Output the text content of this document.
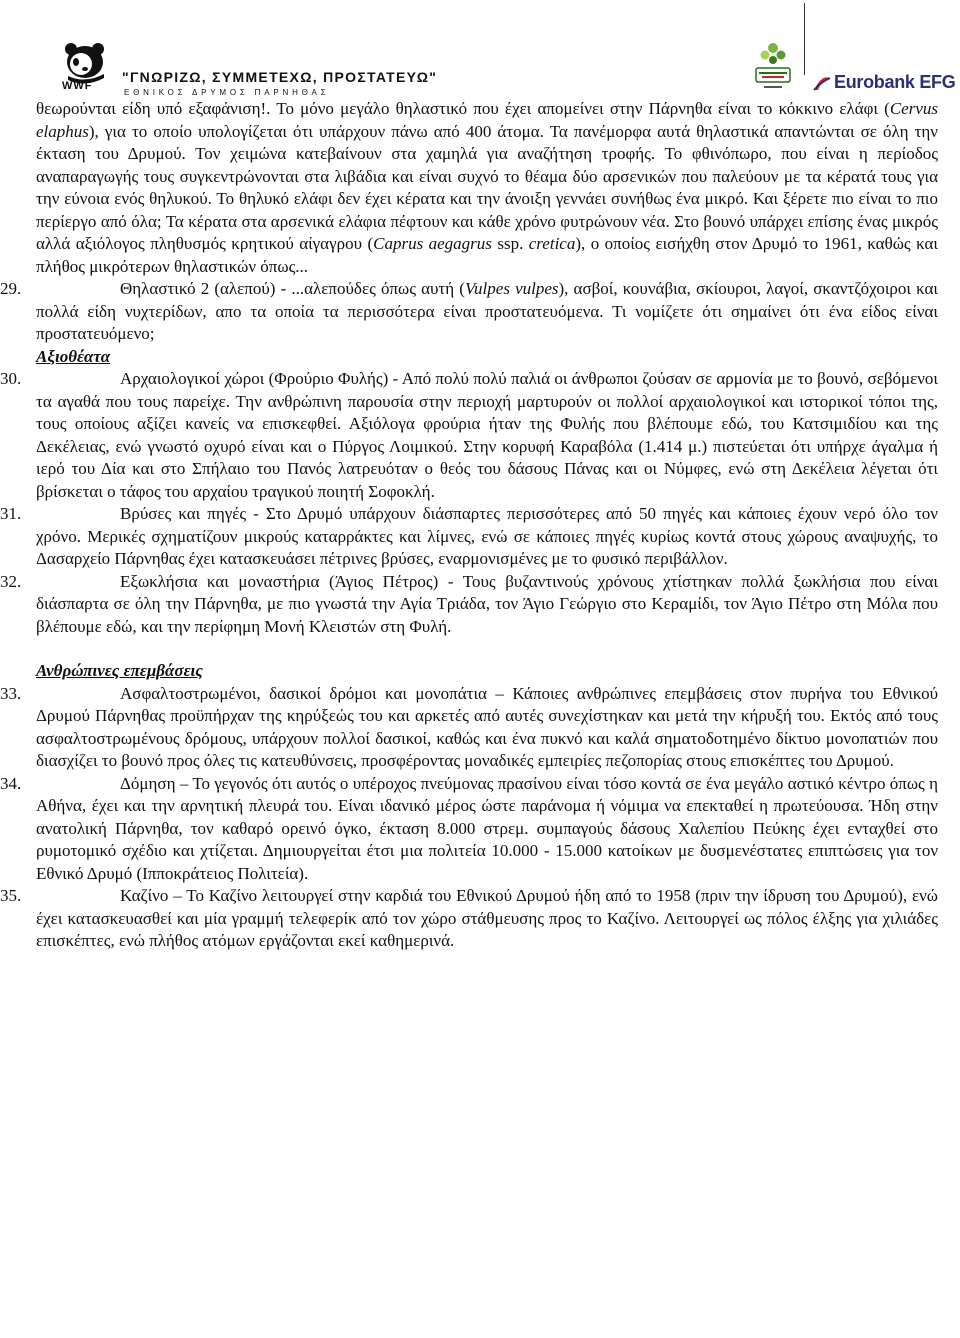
WWF
"ΓΝΩΡΙΖΩ, ΣΥΜΜΕΤΕΧΩ, ΠΡΟΣΤΑΤΕΥΩ"
ΕΘΝΙΚΟΣ ΔΡΥΜΟΣ ΠΑΡΝΗΘΑΣ
Eurobank EFG

θεωρούνται είδη υπό εξαφάνιση!. Το μόνο μεγάλο θηλαστικό που έχει απομείνει στην Πάρνηθα είναι το κόκκινο ελάφι (Cervus elaphus), για το οποίο υπολογίζεται ότι υπάρχουν πάνω από 400 άτομα. Τα πανέμορφα αυτά θηλαστικά απαντώνται σε όλη την έκταση του Δρυμού. Τον χειμώνα κατεβαίνουν στα χαμηλά για αναζήτηση τροφής. Το φθινόπωρο, που είναι η περίοδος αναπαραγωγής τους συγκεντρώνονται στα λιβάδια και είναι συχνό το θέαμα δύο αρσενικών που παλεύουν με τα κέρατά τους για την εύνοια ενός θηλυκού. Το θηλυκό ελάφι δεν έχει κέρατα και την άνοιξη γεννάει συνήθως ένα μικρό. Και ξέρετε πιο είναι το πιο περίεργο από όλα; Τα κέρατα στα αρσενικά ελάφια πέφτουν και κάθε χρόνο φυτρώνουν νέα. Στο βουνό υπάρχει επίσης ένας μικρός αλλά αξιόλογος πληθυσμός κρητικού αίγαγρου (Caprus aegagrus ssp. cretica), ο οποίος εισήχθη στον Δρυμό το 1961, καθώς και πλήθος μικρότερων θηλαστικών όπως...

29.	Θηλαστικό 2 (αλεπού) - ...αλεπούδες όπως αυτή (Vulpes vulpes), ασβοί, κουνάβια, σκίουροι, λαγοί, σκαντζόχοιροι και πολλά είδη νυχτερίδων, απο τα οποία τα περισσότερα είναι προστατευόμενα. Τι νομίζετε ότι σημαίνει ότι ένα είδος είναι προστατευόμενο;

Αξιοθέατα

30.	Αρχαιολογικοί χώροι (Φρούριο Φυλής) - Από πολύ πολύ παλιά οι άνθρωποι ζούσαν σε αρμονία με το βουνό, σεβόμενοι τα αγαθά που τους παρείχε. Την ανθρώπινη παρουσία στην περιοχή μαρτυρούν οι πολλοί αρχαιολογικοί και ιστορικοί τόποι της, τους οποίους αξίζει κανείς να επισκεφθεί. Αξιόλογα φρούρια ήταν της Φυλής που βλέπουμε εδώ, του Κατσιμιδίου και της Δεκέλειας, ενώ γνωστό οχυρό είναι και ο Πύργος Λοιμικού. Στην κορυφή Καραβόλα (1.414 μ.) πιστεύεται ότι υπήρχε άγαλμα ή ιερό του Δία και στο Σπήλαιο του Πανός λατρευόταν ο θεός του δάσους Πάνας και οι Νύμφες, ενώ στη Δεκέλεια λέγεται ότι βρίσκεται ο τάφος του αρχαίου τραγικού ποιητή Σοφοκλή.

31.	Βρύσες και πηγές - Στο Δρυμό υπάρχουν διάσπαρτες περισσότερες από 50 πηγές και κάποιες έχουν νερό όλο τον χρόνο. Μερικές σχηματίζουν μικρούς καταρράκτες και λίμνες, ενώ σε κάποιες πηγές κυρίως κοντά στους χώρους αναψυχής, το Δασαρχείο Πάρνηθας έχει κατασκευάσει πέτρινες βρύσες, εναρμονισμένες με το φυσικό περιβάλλον.

32.	Εξωκλήσια και μοναστήρια (Άγιος Πέτρος) - Τους βυζαντινούς χρόνους χτίστηκαν πολλά ξωκλήσια που είναι διάσπαρτα σε όλη την Πάρνηθα, με πιο γνωστά την Αγία Τριάδα, τον Άγιο Γεώργιο στο Κεραμίδι, τον Άγιο Πέτρο στη Μόλα που βλέπουμε εδώ, και την περίφημη Μονή Κλειστών στη Φυλή.

Ανθρώπινες επεμβάσεις

33.	Ασφαλτοστρωμένοι, δασικοί δρόμοι και μονοπάτια – Κάποιες ανθρώπινες επεμβάσεις στον πυρήνα του Εθνικού Δρυμού Πάρνηθας προϋπήρχαν της κηρύξεώς του και αρκετές από αυτές συνεχίστηκαν και μετά την κήρυξή του. Εκτός από τους ασφαλτοστρωμένους δρόμους, υπάρχουν πολλοί δασικοί, καθώς και ένα πυκνό και καλά σηματοδοτημένο δίκτυο μονοπατιών που διασχίζει το βουνό προς όλες τις κατευθύνσεις, προσφέροντας μοναδικές εμπειρίες πεζοπορίας στους επισκέπτες του Δρυμού.

34.	Δόμηση – Το γεγονός ότι αυτός ο υπέροχος πνεύμονας πρασίνου είναι τόσο κοντά σε ένα μεγάλο αστικό κέντρο όπως η Αθήνα, έχει και την αρνητική πλευρά του. Είναι ιδανικό μέρος ώστε παράνομα ή νόμιμα να επεκταθεί η πρωτεύουσα. Ήδη στην ανατολική Πάρνηθα, τον καθαρό ορεινό όγκο, έκταση 8.000 στρεμ. συμπαγούς δάσους Χαλεπίου Πεύκης έχει ενταχθεί στο ρυμοτομικό σχέδιο και χτίζεται. Δημιουργείται έτσι μια πολιτεία 10.000 - 15.000 κατοίκων με δυσμενέστατες επιπτώσεις για τον Εθνικό Δρυμό (Ιπποκράτειος Πολιτεία).

35.	Καζίνο – Το Καζίνο λειτουργεί στην καρδιά του Εθνικού Δρυμού ήδη από το 1958 (πριν την ίδρυση του Δρυμού), ενώ έχει κατασκευασθεί και μία γραμμή τελεφερίκ από τον χώρο στάθμευσης προς το Καζίνο. Λειτουργεί ως πόλος έλξης για χιλιάδες επισκέπτες, ενώ πλήθος ατόμων εργάζονται εκεί καθημερινά.
